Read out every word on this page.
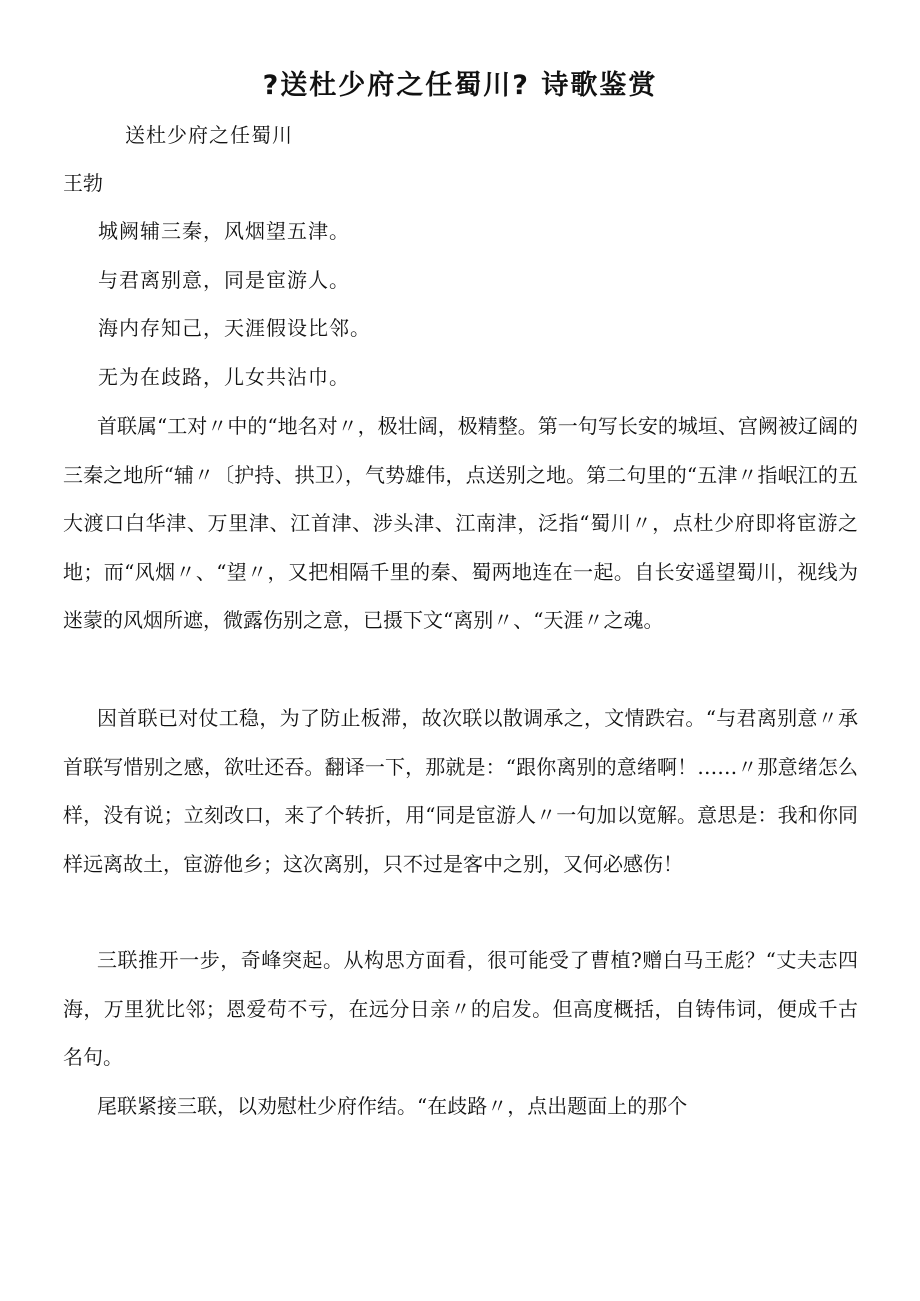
?送杜少府之任蜀川? 诗歌鉴赏
送杜少府之任蜀川
王勃
城阙辅三秦，风烟望五津。
与君离别意，同是宦游人。
海内存知己，天涯假设比邻。
无为在歧路，儿女共沾巾。

首联属“工对〃中的“地名对〃，极壮阔，极精整。第一句写长安的城垣、宫阙被辽阔的三秦之地所“辅〃〔护持、拱卫），气势雄伟，点送别之地。第二句里的“五津〃指岷江的五大渡口白华津、万里津、江首津、涉头津、江南津，泛指“蜀川〃，点杜少府即将宦游之地；而“风烟〃、“望〃，又把相隔千里的秦、蜀两地连在一起。自长安遥望蜀川，视线为迷蒙的风烟所遮，微露伤别之意，已摄下文“离别〃、“天涯〃之魂。

因首联已对仗工稳，为了防止板滞，故次联以散调承之，文情跌宕。“与君离别意〃承首联写惜别之感，欲吐还吞。翻译一下，那就是：“跟你离别的意绪啊！……〃那意绪怎么样，没有说；立刻改口，来了个转折，用“同是宦游人〃一句加以宽解。意思是：我和你同样远离故土，宦游他乡；这次离别，只不过是客中之别，又何必感伤！

三联推开一步，奇峰突起。从构思方面看，很可能受了曹植?赠白马王彪？“丈夫志四海，万里犹比邻；恩爱苟不亏，在远分日亲〃的启发。但高度概括，自铸伟词，便成千古名句。

尾联紧接三联，以劝慰杜少府作结。“在歧路〃，点出题面上的那个
